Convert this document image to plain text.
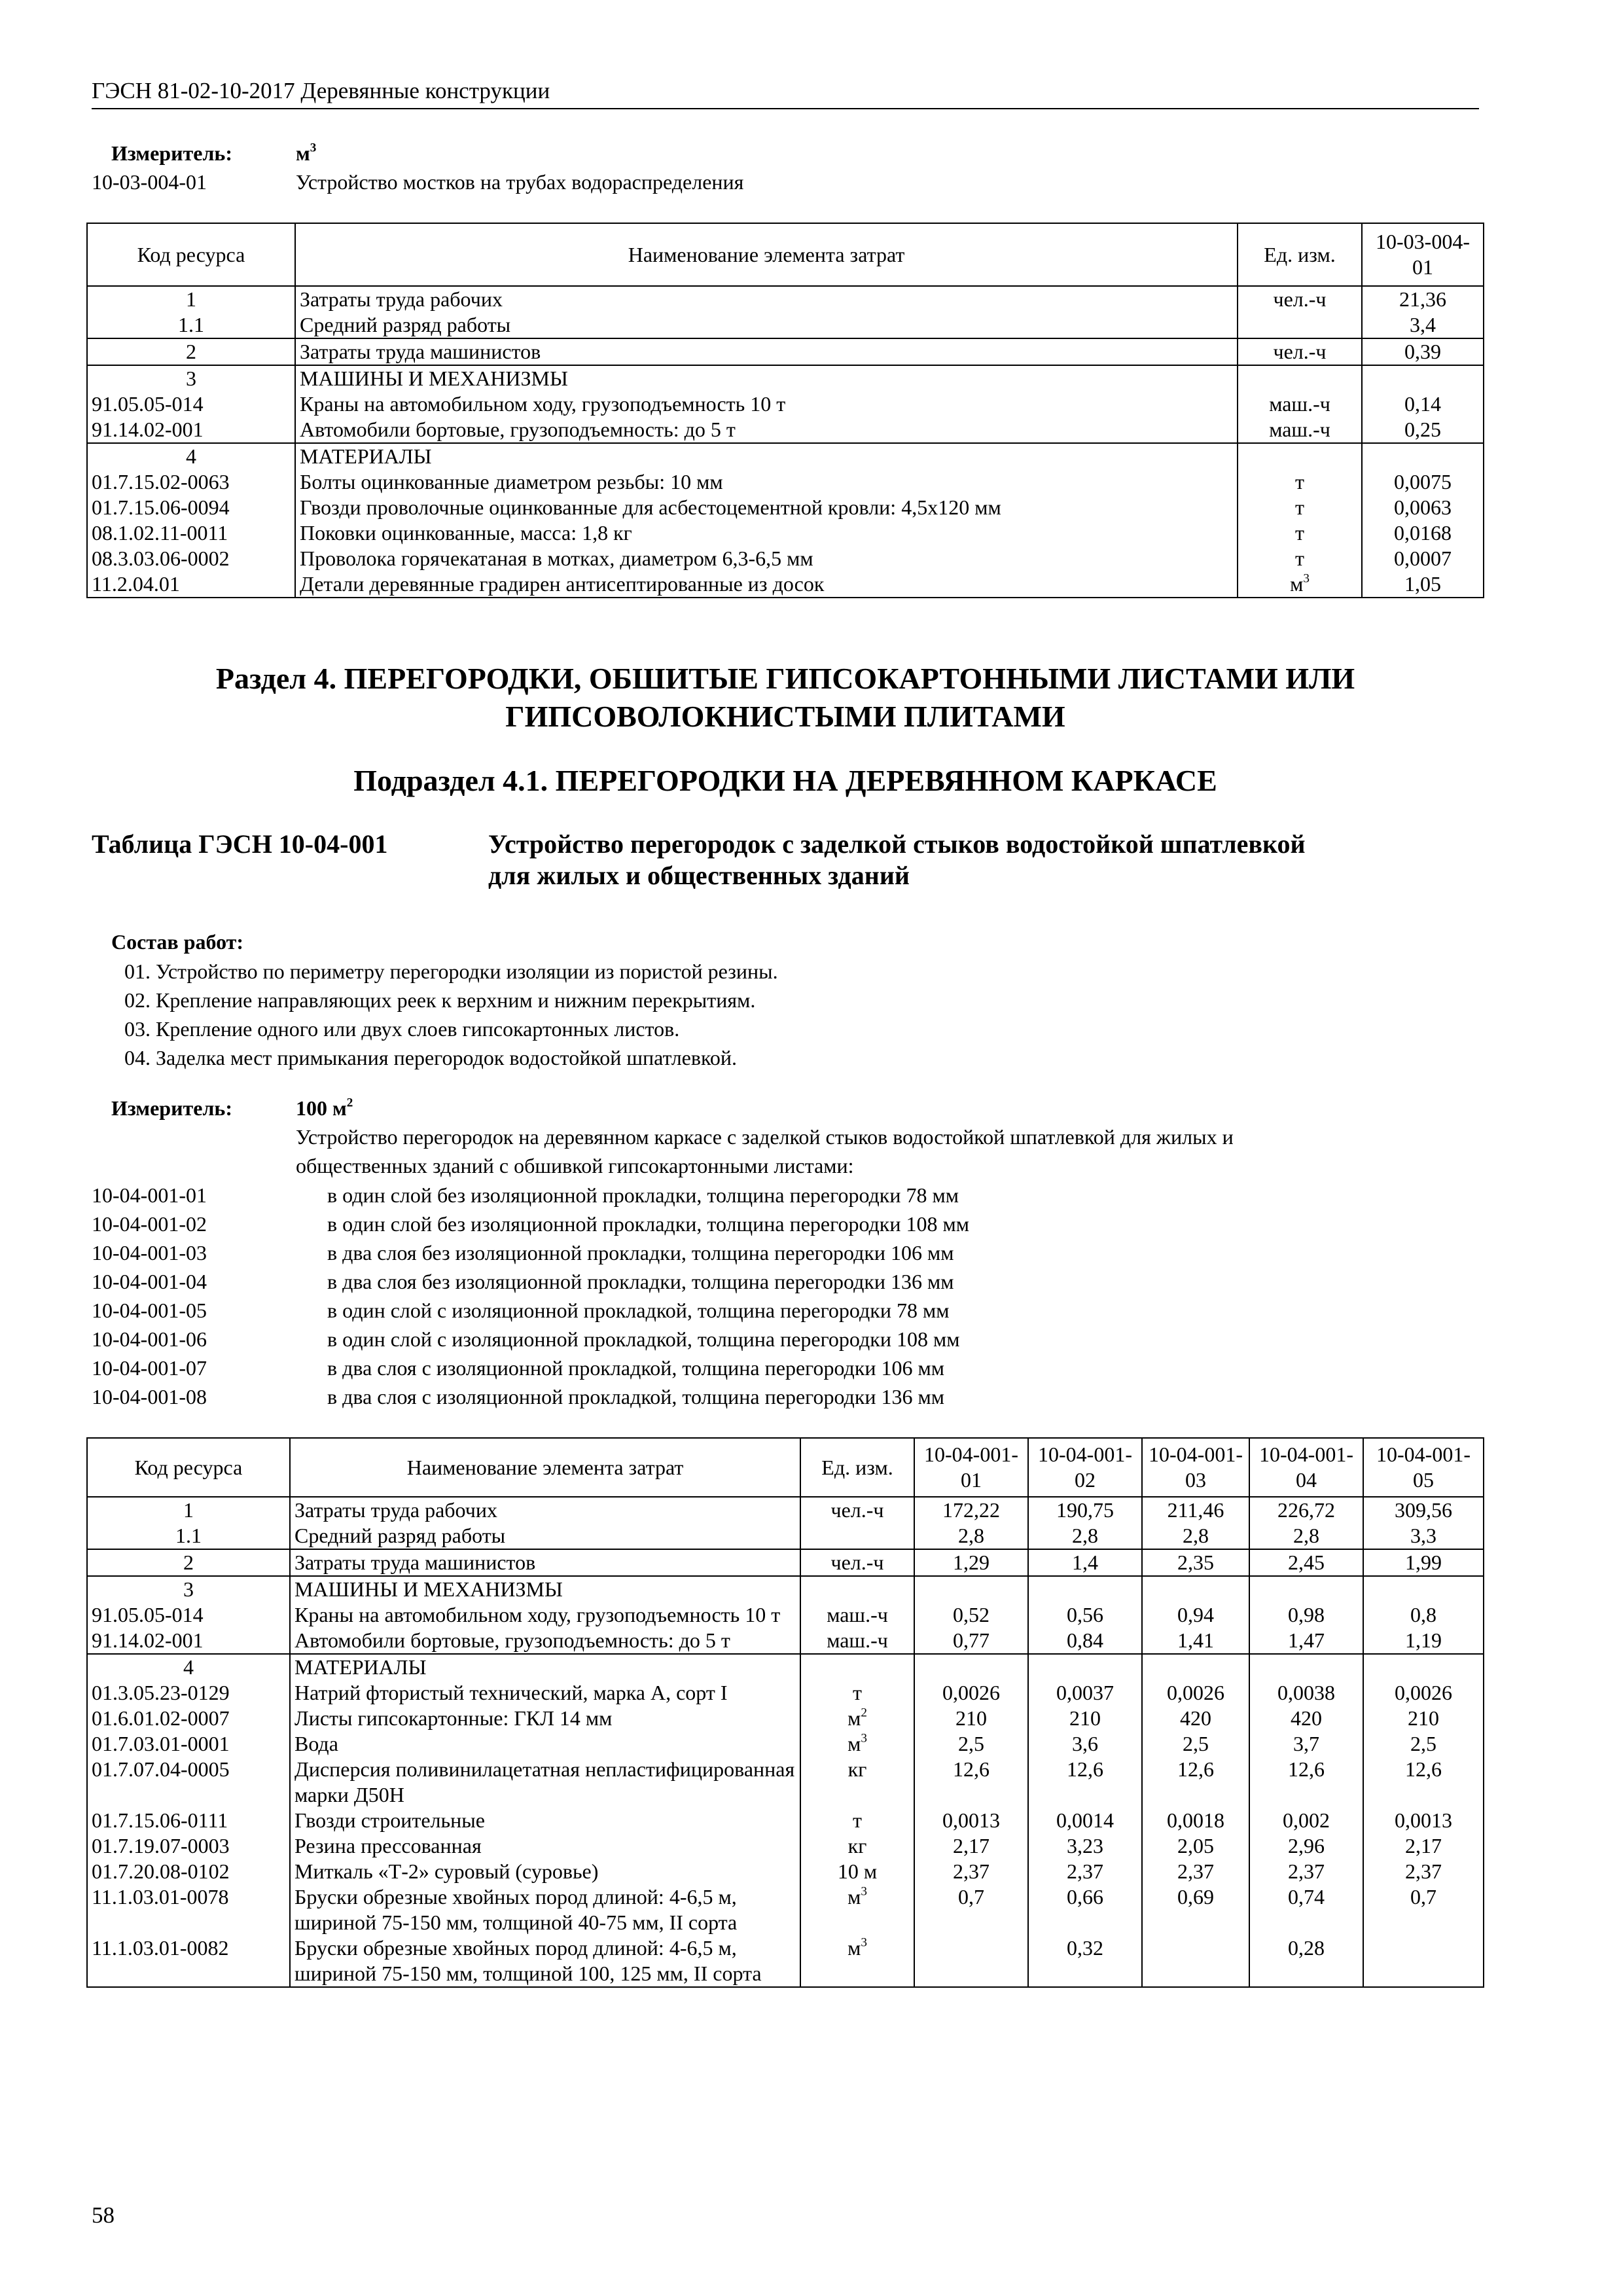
ГЭСН 81-02-10-2017 Деревянные конструкции
Измеритель:	$м^3$
10-03-004-01	Устройство мостков на трубах водораспределения
Код ресурса	Наименование элемента затрат	Ед. изм.	10-03-004-01
1	Затраты труда рабочих	чел.-ч	21,36
1.1	Средний разряд работы		3,4
2	Затраты труда машинистов	чел.-ч	0,39
3	МАШИНЫ И МЕХАНИЗМЫ		
91.05.05-014	Краны на автомобильном ходу, грузоподъемность 10 т	маш.-ч	0,14
91.14.02-001	Автомобили бортовые, грузоподъемность: до 5 т	маш.-ч	0,25
4	МАТЕРИАЛЫ		
01.7.15.02-0063	Болты оцинкованные диаметром резьбы: 10 мм	т	0,0075
01.7.15.06-0094	Гвозди проволочные оцинкованные для асбестоцементной кровли: 4,5х120 мм	т	0,0063
08.1.02.11-0011	Поковки оцинкованные, масса: 1,8 кг	т	0,0168
08.3.03.06-0002	Проволока горячекатаная в мотках, диаметром 6,3-6,5 мм	т	0,0007
11.2.04.01	Детали деревянные градирен антисептированные из досок	$м^3$	1,05
Раздел 4. ПЕРЕГОРОДКИ, ОБШИТЫЕ ГИПСОКАРТОННЫМИ ЛИСТАМИ ИЛИ
ГИПСОВОЛОКНИСТЫМИ ПЛИТАМИ
Подраздел 4.1. ПЕРЕГОРОДКИ НА ДЕРЕВЯННОМ КАРКАСЕ
Таблица ГЭСН 10-04-001	Устройство перегородок с заделкой стыков водостойкой шпатлевкой
для жилых и общественных зданий
Состав работ:
01. Устройство по периметру перегородки изоляции из пористой резины.
02. Крепление направляющих реек к верхним и нижним перекрытиям.
03. Крепление одного или двух слоев гипсокартонных листов.
04. Заделка мест примыкания перегородок водостойкой шпатлевкой.
Измеритель:	100 $м^2$
Устройство перегородок на деревянном каркасе с заделкой стыков водостойкой шпатлевкой для жилых и
общественных зданий с обшивкой гипсокартонными листами:
10-04-001-01	в один слой без изоляционной прокладки, толщина перегородки 78 мм
10-04-001-02	в один слой без изоляционной прокладки, толщина перегородки 108 мм
10-04-001-03	в два слоя без изоляционной прокладки, толщина перегородки 106 мм
10-04-001-04	в два слоя без изоляционной прокладки, толщина перегородки 136 мм
10-04-001-05	в один слой с изоляционной прокладкой, толщина перегородки 78 мм
10-04-001-06	в один слой с изоляционной прокладкой, толщина перегородки 108 мм
10-04-001-07	в два слоя с изоляционной прокладкой, толщина перегородки 106 мм
10-04-001-08	в два слоя с изоляционной прокладкой, толщина перегородки 136 мм
Код ресурса	Наименование элемента затрат	Ед. изм.	10-04-001-01	10-04-001-02	10-04-001-03	10-04-001-04	10-04-001-05
1	Затраты труда рабочих	чел.-ч	172,22	190,75	211,46	226,72	309,56
1.1	Средний разряд работы		2,8	2,8	2,8	2,8	3,3
2	Затраты труда машинистов	чел.-ч	1,29	1,4	2,35	2,45	1,99
3	МАШИНЫ И МЕХАНИЗМЫ						
91.05.05-014	Краны на автомобильном ходу, грузоподъемность 10 т	маш.-ч	0,52	0,56	0,94	0,98	0,8
91.14.02-001	Автомобили бортовые, грузоподъемность: до 5 т	маш.-ч	0,77	0,84	1,41	1,47	1,19
4	МАТЕРИАЛЫ						
01.3.05.23-0129	Натрий фтористый технический, марка А, сорт I	т	0,0026	0,0037	0,0026	0,0038	0,0026
01.6.01.02-0007	Листы гипсокартонные: ГКЛ 14 мм	$м^2$	210	210	420	420	210
01.7.03.01-0001	Вода	$м^3$	2,5	3,6	2,5	3,7	2,5
01.7.07.04-0005	Дисперсия поливинилацетатная непластифицированная марки Д50Н	кг	12,6	12,6	12,6	12,6	12,6
01.7.15.06-0111	Гвозди строительные	т	0,0013	0,0014	0,0018	0,002	0,0013
01.7.19.07-0003	Резина прессованная	кг	2,17	3,23	2,05	2,96	2,17
01.7.20.08-0102	Миткаль «Т-2» суровый (суровье)	10 м	2,37	2,37	2,37	2,37	2,37
11.1.03.01-0078	Бруски обрезные хвойных пород длиной: 4-6,5 м, шириной 75-150 мм, толщиной 40-75 мм, II сорта	$м^3$	0,7	0,66	0,69	0,74	0,7
11.1.03.01-0082	Бруски обрезные хвойных пород длиной: 4-6,5 м, шириной 75-150 мм, толщиной 100, 125 мм, II сорта	$м^3$		0,32		0,28	
58
